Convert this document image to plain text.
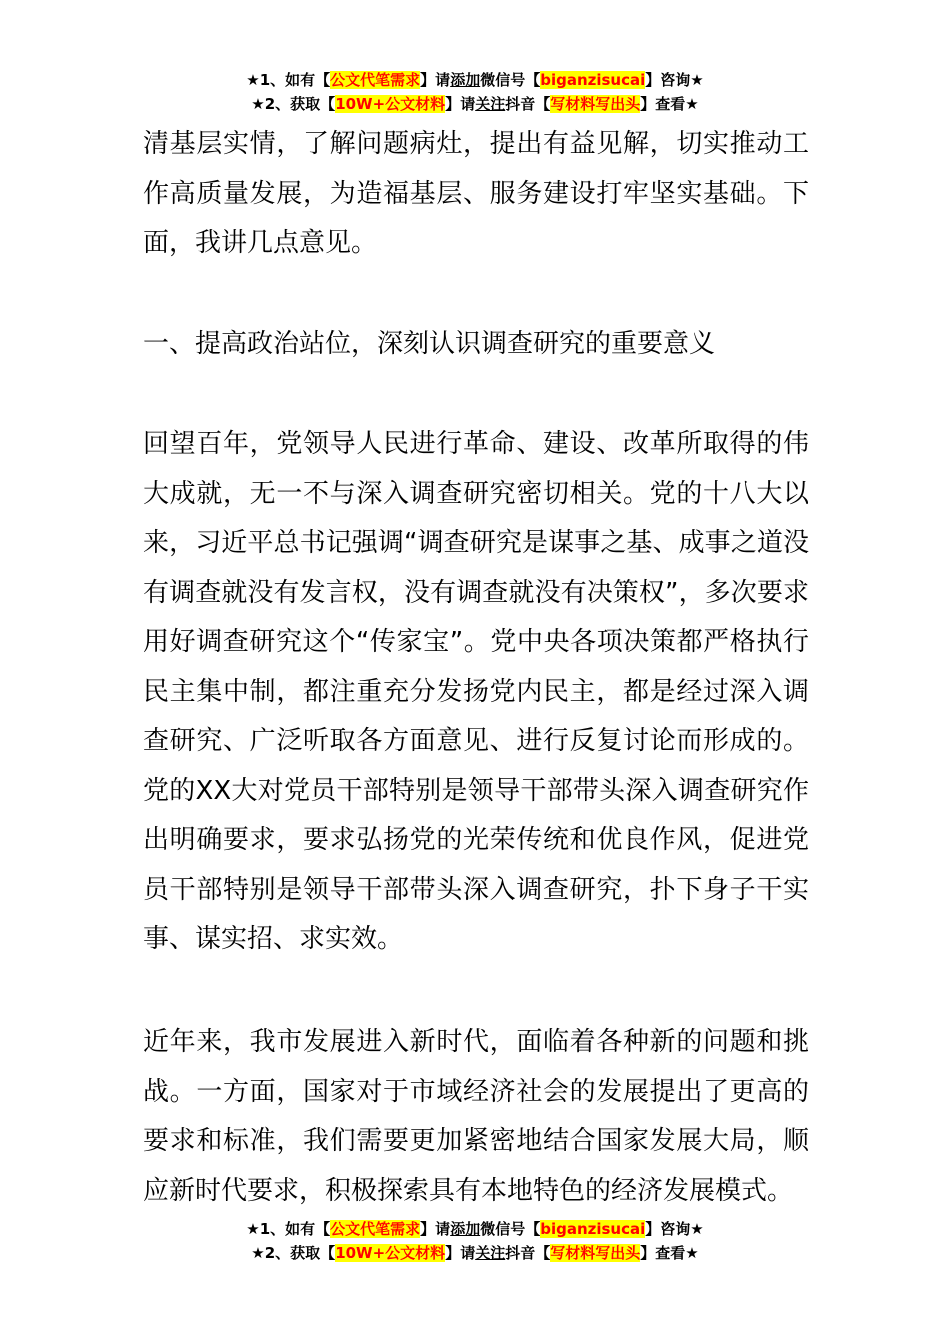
★1、如有【公文代笔需求】请添加微信号【biganzisucai】咨询★
★2、获取【10W+公文材料】请关注抖音【写材料写出头】查看★

清基层实情，了解问题病灶，提出有益见解，切实推动工作高质量发展，为造福基层、服务建设打牢坚实基础。下面，我讲几点意见。

一、提高政治站位，深刻认识调查研究的重要意义

回望百年，党领导人民进行革命、建设、改革所取得的伟大成就，无一不与深入调查研究密切相关。党的十八大以来，习近平总书记强调“调查研究是谋事之基、成事之道没有调查就没有发言权，没有调查就没有决策权”，多次要求用好调查研究这个“传家宝”。党中央各项决策都严格执行民主集中制，都注重充分发扬党内民主，都是经过深入调查研究、广泛听取各方面意见、进行反复讨论而形成的。党的XX大对党员干部特别是领导干部带头深入调查研究作出明确要求，要求弘扬党的光荣传统和优良作风，促进党员干部特别是领导干部带头深入调查研究，扑下身子干实事、谋实招、求实效。

近年来，我市发展进入新时代，面临着各种新的问题和挑战。一方面，国家对于市域经济社会的发展提出了更高的要求和标准，我们需要更加紧密地结合国家发展大局，顺应新时代要求，积极探索具有本地特色的经济发展模式。

★1、如有【公文代笔需求】请添加微信号【biganzisucai】咨询★
★2、获取【10W+公文材料】请关注抖音【写材料写出头】查看★
